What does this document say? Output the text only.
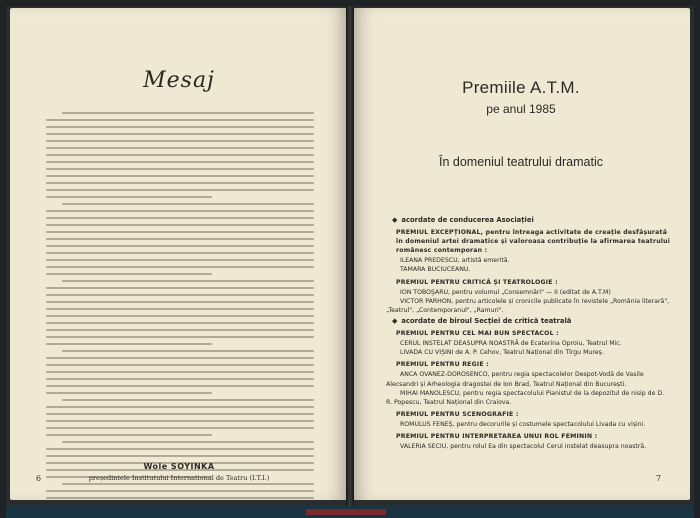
Mesaj
Wole SOYINKA
președintele Institutului International de Teatru (I.T.I.)
6
Premiile A.T.M.
pe anul 1985
În domeniul teatrului dramatic
◆ acordate de conducerea Asociației
PREMIUL EXCEPȚIONAL, pentru întreaga activitate de creație desfășurată în domeniul artei dramatice și valoroasa contribuție la afirmarea teatrului românesc contemporan :
ILEANA PREDESCU, artistă emerită.
TAMARA BUCIUCEANU.
PREMIUL PENTRU CRITICĂ ȘI TEATROLOGIE :
ION TOBOŞARU, pentru volumul „Consemnări" — II (editat de A.T.M)
VICTOR PARHON, pentru articolele și cronicile publicate în revistele „România literară", „Teatrul", „Contemporanul", „Ramuri".
◆ acordate de biroul Secției de critică teatrală
PREMIUL PENTRU CEL MAI BUN SPECTACOL :
CERUL INSTELAT DEASUPRA NOASTRĂ de Ecaterina Oproiu, Teatrul Mic.
LIVADA CU VIȘINI de A. P. Cehov, Teatrul Național din Tîrgu Mureș.
PREMIUL PENTRU REGIE :
ANCA OVANEZ-DOROSENCO, pentru regia spectacolelor Despot-Vodă de Vasile Alecsandri și Arheologia dragostei de Ion Brad, Teatrul Național din București.
MIHAI MANOLESCU, pentru regia spectacolului Pianistul de la depozitul de nisip de D. R. Popescu, Teatrul Național din Craiova.
PREMIUL PENTRU SCENOGRAFIE :
ROMULUS FENEȘ, pentru decorurile și costumele spectacolului Livada cu vișini.
PREMIUL PENTRU INTERPRETAREA UNUI ROL FEMININ :
VALERIA SECIU, pentru rolul Ea din spectacolul Cerul instelat deasupra noastră.
7
